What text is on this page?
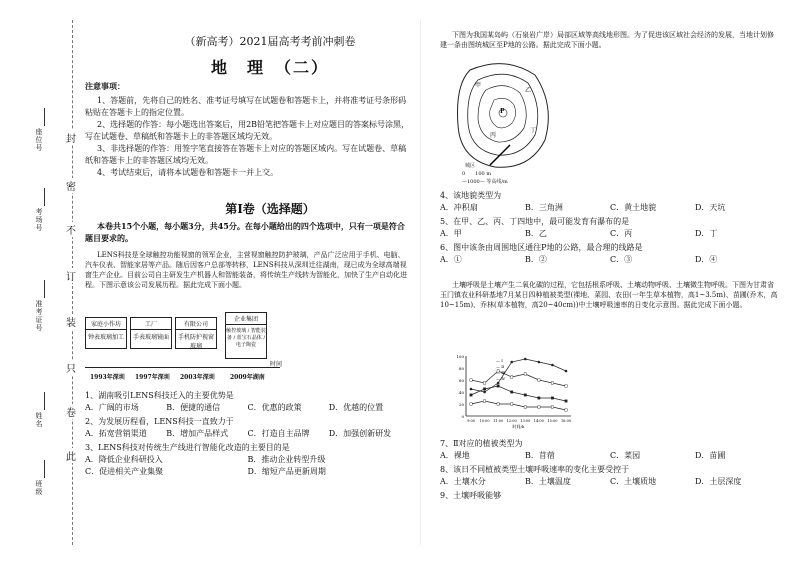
封
密
不
订
装
只
卷
此
座位号
考场号
准考证号
姓名
班级
（新高考）2021届高考考前冲刺卷
地　理　（二）
注意事项：
1、答题前，先将自己的姓名、准考证号填写在试题卷和答题卡上，并将准考证号条形码粘贴在答题卡上的指定位置。
2、选择题的作答：每小题选出答案后，用2B铅笔把答题卡上对应题目的答案标号涂黑，写在试题卷、草稿纸和答题卡上的非答题区域均无效。
3、非选择题的作答：用签字笔直接答在答题卡上对应的答题区域内。写在试题卷、草稿纸和答题卡上的非答题区域均无效。
4、考试结束后，请将本试题卷和答题卡一并上交。
第Ⅰ卷（选择题）
本卷共15个小题，每小题3分，共45分。在每小题给出的四个选项中，只有一项是符合题目要求的。
LENS科技是全球触控功能视窗的领军企业，主营视窗触控防护玻璃，产品广泛应用于手机、电脑、汽车仪表、智能家居等产品。随后因客户总部等转移，LENS科技从深圳迁往湖南，现已成为全球高端视窗生产企业。目前公司自主研发生产机器人和智能装备，将传统生产线转为智能化，加快了生产自动化进程。下图示意该公司发展历程。据此完成下面小题。
家庭小作坊
钟表玻璃加工
工厂
手表玻璃镜面
有限公司
手机防护视窗玻璃
企业集团
触控玻璃 / 智能装备 / 蓝宝石晶体 / 电子陶瓷
时间
1993年深圳 1997年深圳 2003年深圳	2009年湖南
1、湖南吸引LENS科技迁入的主要优势是
A．广阔的市场	B．便捷的通信	C．优惠的政策	D．优越的位置
2、为发展历程看，LENS科技一直致力于
A．拓宽营销渠道	B．增加产品样式	C．打造自主品牌	D．加强创新研发
3、LENS科技对传统生产线进行智能化改造的主要目的是
A．降低企业科研投入	B．推动企业转型升级
C．促进相关产业集聚	D．缩短产品更新周期
下图为我国某岛屿（石泉岩广岸）局部区域等高线地形图。为了促进该区域社会经济的发展，当地计划修建一条由图统城区至P地的公路。据此完成下面小题。
甲
乙
丙
丁
P
城区
0　　100 m
—1000— 等高线/m
4、该地貌类型为
A．冲积扇	B．三角洲	C．黄土地貌	D．天坑
5、在甲、乙、丙、丁四地中，最可能发育有瀑布的是
A．甲	B．乙	C．丙	D．丁
6、图中该条由周围地区通往P地的公路，最合理的线路是
A．①	B．②	C．③	D．④
土壤呼吸是土壤产生二氧化碳的过程，它包括根系呼吸、土壤动物呼吸、土壤微生物呼吸。下图为甘肃省玉门镇农业科研基地7月某日四种植被类型(裸地、菜园、农田(一年生草本植物，高1~3.5m)、苗圃(乔木，高10~15m)、乔林(草本植物，高20~40cm))中土壤呼吸速率的日变化示意图。据此完成下面小题。
0
20
40
60
80
100
9:00 10:00 11:00 12:00 13:00 14:00 15:00 16:00
时间/h
— Ⅰ
— Ⅱ
— Ⅲ
— Ⅳ
7、Ⅱ对应的植被类型为
A．裸地	B．苜蓿	C．菜园	D．苗圃
8、该日不同植被类型土壤呼吸速率的变化主要受控于
A．土壤水分	B．土壤温度	C．土壤质地	D．土层深度
9、土壤呼吸能够
